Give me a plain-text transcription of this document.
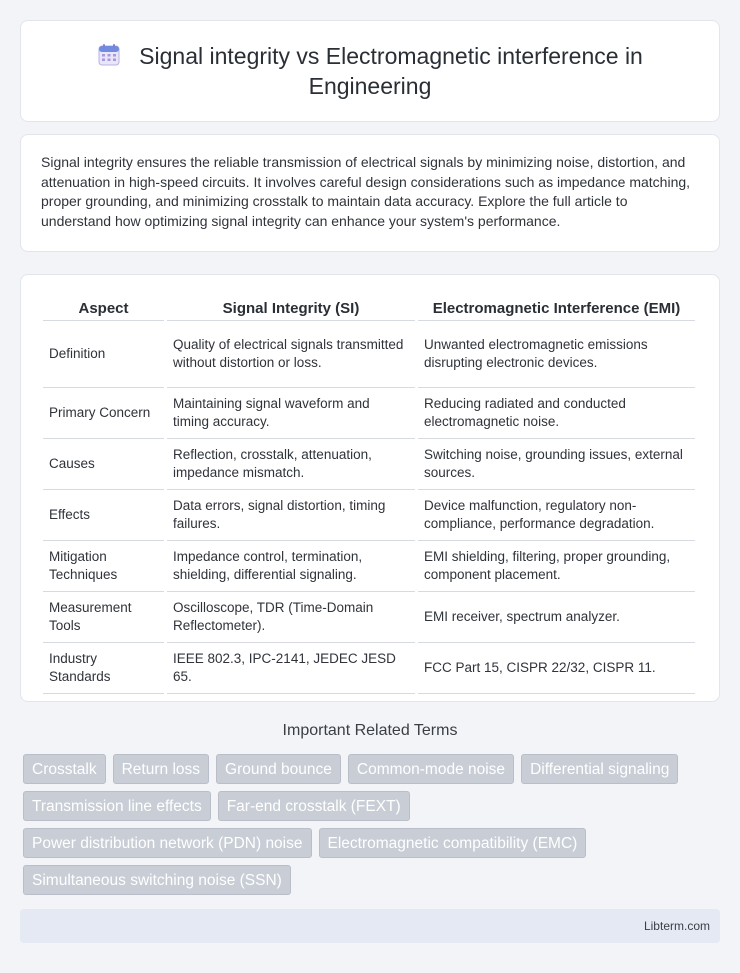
Signal integrity vs Electromagnetic interference in
Engineering

Signal integrity ensures the reliable transmission of electrical signals by minimizing noise, distortion, and attenuation in high-speed circuits. It involves careful design considerations such as impedance matching, proper grounding, and minimizing crosstalk to maintain data accuracy. Explore the full article to understand how optimizing signal integrity can enhance your system's performance.

Aspect	Signal Integrity (SI)	Electromagnetic Interference (EMI)
Definition	Quality of electrical signals transmitted without distortion or loss.	Unwanted electromagnetic emissions disrupting electronic devices.
Primary Concern	Maintaining signal waveform and timing accuracy.	Reducing radiated and conducted electromagnetic noise.
Causes	Reflection, crosstalk, attenuation, impedance mismatch.	Switching noise, grounding issues, external sources.
Effects	Data errors, signal distortion, timing failures.	Device malfunction, regulatory non-compliance, performance degradation.
Mitigation Techniques	Impedance control, termination, shielding, differential signaling.	EMI shielding, filtering, proper grounding, component placement.
Measurement Tools	Oscilloscope, TDR (Time-Domain Reflectometer).	EMI receiver, spectrum analyzer.
Industry Standards	IEEE 802.3, IPC-2141, JEDEC JESD 65.	FCC Part 15, CISPR 22/32, CISPR 11.
Important Related Terms
Crosstalk	Return loss	Ground bounce	Common-mode noise	Differential signaling
Transmission line effects	Far-end crosstalk (FEXT)
Power distribution network (PDN) noise	Electromagnetic compatibility (EMC)
Simultaneous switching noise (SSN)
Libterm.com
